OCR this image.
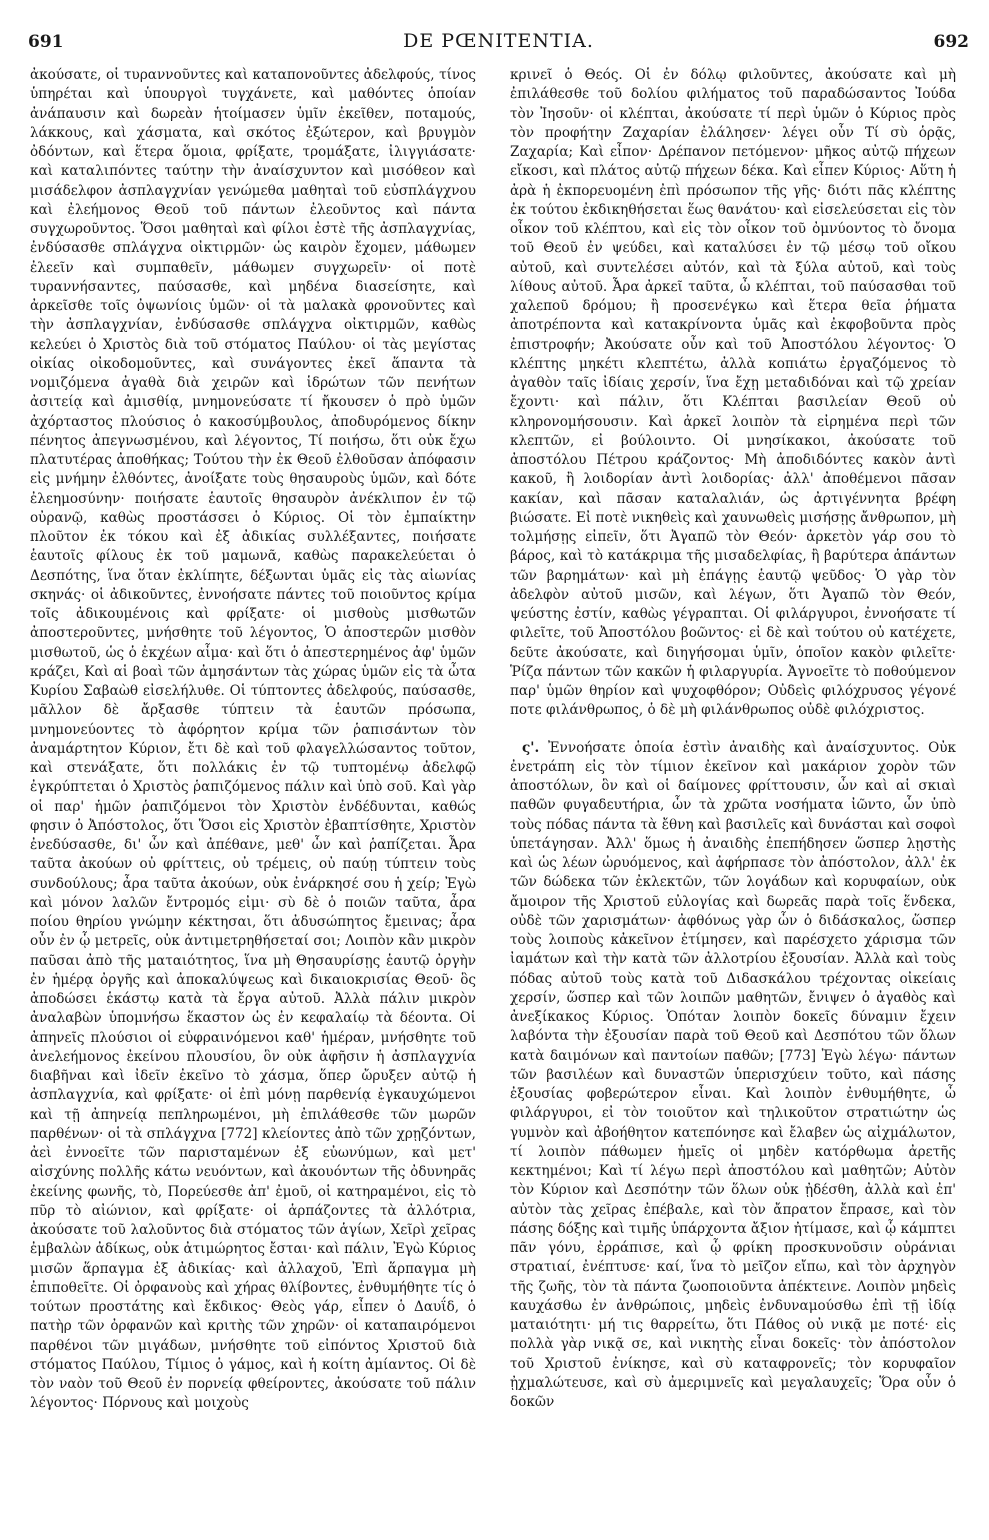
691	DE PŒNITENTIA.	692

ἀκούσατε, οἱ τυραννοῦντες καὶ καταπονοῦντες ἀδελφούς, τίνος ὑπηρέται καὶ ὑπουργοὶ τυγχάνετε, καὶ μαθόντες ὁποίαν ἀνάπαυσιν καὶ δωρεὰν ἡτοίμασεν ὑμῖν ἐκεῖθεν, ποταμούς, λάκκους, καὶ χάσματα, καὶ σκότος ἐξώτερον, καὶ βρυγμὸν ὀδόντων, καὶ ἕτερα ὅμοια, φρίξατε, τρομάξατε, ἰλιγγιάσατε· καὶ καταλιπόντες ταύτην τὴν ἀναίσχυντον καὶ μισόθεον καὶ μισάδελφον ἀσπλαγχνίαν γενώμεθα μαθηταὶ τοῦ εὐσπλάγχνου καὶ ἐλεήμονος Θεοῦ τοῦ πάντων ἐλεοῦντος καὶ πάντα συγχωροῦντος. Ὅσοι μαθηταὶ καὶ φίλοι ἐστὲ τῆς ἀσπλαγχνίας, ἐνδύσασθε σπλάγχνα οἰκτιρμῶν· ὡς καιρὸν ἔχομεν, μάθωμεν ἐλεεῖν καὶ συμπαθεῖν, μάθωμεν συγχωρεῖν· οἱ ποτὲ τυραννήσαντες, παύσασθε, καὶ μηδένα διασείσητε, καὶ ἀρκεῖσθε τοῖς ὀψωνίοις ὑμῶν· οἱ τὰ μαλακὰ φρονοῦντες καὶ τὴν ἀσπλαγχνίαν, ἐνδύσασθε σπλάγχνα οἰκτιρμῶν, καθὼς κελεύει ὁ Χριστὸς διὰ τοῦ στόματος Παύλου· οἱ τὰς μεγίστας οἰκίας οἰκοδομοῦντες, καὶ συνάγοντες ἐκεῖ ἅπαντα τὰ νομιζόμενα ἀγαθὰ διὰ χειρῶν καὶ ἱδρώτων τῶν πενήτων ἀσιτείᾳ καὶ ἀμισθίᾳ, μνημονεύσατε τί ἤκουσεν ὁ πρὸ ὑμῶν ἀχόρταστος πλούσιος ὁ κακοσύμβουλος, ἀποδυρόμενος δίκην πένητος ἀπεγνωσμένου, καὶ λέγοντος, Τί ποιήσω, ὅτι οὐκ ἔχω πλατυτέρας ἀποθήκας; Τούτου τὴν ἐκ Θεοῦ ἐλθοῦσαν ἀπόφασιν εἰς μνήμην ἐλθόντες, ἀνοίξατε τοὺς θησαυροὺς ὑμῶν, καὶ δότε ἐλεημοσύνην· ποιήσατε ἑαυτοῖς θησαυρὸν ἀνέκλιπον ἐν τῷ οὐρανῷ, καθὼς προστάσσει ὁ Κύριος. Οἱ τὸν ἐμπαίκτην πλοῦτον ἐκ τόκου καὶ ἐξ ἀδικίας συλλέξαντες, ποιήσατε ἑαυτοῖς φίλους ἐκ τοῦ μαμωνᾶ, καθὼς παρακελεύεται ὁ Δεσπότης, ἵνα ὅταν ἐκλίπητε, δέξωνται ὑμᾶς εἰς τὰς αἰωνίας σκηνάς· οἱ ἀδικοῦντες, ἐννοήσατε πάντες τοῦ ποιοῦντος κρίμα τοῖς ἀδικουμένοις καὶ φρίξατε· οἱ μισθοὺς μισθωτῶν ἀποστεροῦντες, μνήσθητε τοῦ λέγοντος, Ὁ ἀποστερῶν μισθὸν μισθωτοῦ, ὡς ὁ ἐκχέων αἷμα· καὶ ὅτι ὁ ἀπεστερημένος ἀφ' ὑμῶν κράζει, Καὶ αἱ βοαὶ τῶν ἀμησάντων τὰς χώρας ὑμῶν εἰς τὰ ὦτα Κυρίου Σαβαὼθ εἰσελήλυθε. Οἱ τύπτοντες ἀδελφούς, παύσασθε, μᾶλλον δὲ ἄρξασθε τύπτειν τὰ ἑαυτῶν πρόσωπα, μνημονεύοντες τὸ ἀφόρητον κρίμα τῶν ῥαπισάντων τὸν ἀναμάρτητον Κύριον, ἔτι δὲ καὶ τοῦ φλαγελλώσαντος τοῦτον, καὶ στενάξατε, ὅτι πολλάκις ἐν τῷ τυπτομένῳ ἀδελφῷ ἐγκρύπτεται ὁ Χριστὸς ῥαπιζόμενος πάλιν καὶ ὑπὸ σοῦ. Καὶ γὰρ οἱ παρ' ἡμῶν ῥαπιζόμενοι τὸν Χριστὸν ἐνδέδυνται, καθώς φησιν ὁ Ἀπόστολος, ὅτι Ὅσοι εἰς Χριστὸν ἐβαπτίσθητε, Χριστὸν ἐνεδύσασθε, δι' ὧν καὶ ἀπέθανε, μεθ' ὧν καὶ ῥαπίζεται. Ἆρα ταῦτα ἀκούων οὐ φρίττεις, οὐ τρέμεις, οὐ παύῃ τύπτειν τοὺς συνδούλους; ἆρα ταῦτα ἀκούων, οὐκ ἐνάρκησέ σου ἡ χείρ; Ἐγὼ καὶ μόνον λαλῶν ἔντρομός εἰμι· σὺ δὲ ὁ ποιῶν ταῦτα, ἆρα ποίου θηρίου γνώμην κέκτησαι, ὅτι ἀδυσώπητος ἔμεινας; ἆρα οὖν ἐν ᾧ μετρεῖς, οὐκ ἀντιμετρηθήσεταί σοι; Λοιπὸν κἂν μικρὸν παῦσαι ἀπὸ τῆς ματαιότητος, ἵνα μὴ Θησαυρίσῃς ἑαυτῷ ὀργὴν ἐν ἡμέρᾳ ὀργῆς καὶ ἀποκαλύψεως καὶ δικαιοκρισίας Θεοῦ· ὃς ἀποδώσει ἑκάστῳ κατὰ τὰ ἔργα αὐτοῦ. Ἀλλὰ πάλιν μικρὸν ἀναλαβὼν ὑπομνήσω ἕκαστον ὡς ἐν κεφαλαίῳ τὰ δέοντα. Οἱ ἀπηνεῖς πλούσιοι οἱ εὐφραινόμενοι καθ' ἡμέραν, μνήσθητε τοῦ ἀνελεήμονος ἐκείνου πλουσίου, ὃν οὐκ ἀφῆσιν ἡ ἀσπλαγχνία διαβῆναι καὶ ἰδεῖν ἐκεῖνο τὸ χάσμα, ὅπερ ὤρυξεν αὐτῷ ἡ ἀσπλαγχνία, καὶ φρίξατε· οἱ ἐπὶ μόνῃ παρθενίᾳ ἐγκαυχώμενοι καὶ τῇ ἀπηνείᾳ πεπληρωμένοι, μὴ ἐπιλάθεσθε τῶν μωρῶν παρθένων· οἱ τὰ σπλάγχνα [772] κλείοντες ἀπὸ τῶν χρῃζόντων, ἀεὶ ἐννοεῖτε τῶν παρισταμένων ἐξ εὐωνύμων, καὶ μετ' αἰσχύνης πολλῆς κάτω νευόντων, καὶ ἀκουόντων τῆς ὀδυνηρᾶς ἐκείνης φωνῆς, τὸ, Πορεύεσθε ἀπ' ἐμοῦ, οἱ κατηραμένοι, εἰς τὸ πῦρ τὸ αἰώνιον, καὶ φρίξατε· οἱ ἁρπάζοντες τὰ ἀλλότρια, ἀκούσατε τοῦ λαλοῦντος διὰ στόματος τῶν ἁγίων, Χεῖρὶ χεῖρας ἐμβαλὼν ἀδίκως, οὐκ ἀτιμώρητος ἔσται· καὶ πάλιν, Ἐγὼ Κύριος μισῶν ἅρπαγμα ἐξ ἀδικίας· καὶ ἀλλαχοῦ, Ἐπὶ ἅρπαγμα μὴ ἐπιποθεῖτε. Οἱ ὀρφανοὺς καὶ χήρας θλίβοντες, ἐνθυμήθητε τίς ὁ τούτων προστάτης καὶ ἔκδικος· Θεὸς γάρ, εἶπεν ὁ Δαυΐδ, ὁ πατὴρ τῶν ὀρφανῶν καὶ κριτὴς τῶν χηρῶν· οἱ καταπαιρόμενοι παρθένοι τῶν μιγάδων, μνήσθητε τοῦ εἰπόντος Χριστοῦ διὰ στόματος Παύλου, Τίμιος ὁ γάμος, καὶ ἡ κοίτη ἀμίαντος. Οἱ δὲ τὸν ναὸν τοῦ Θεοῦ ἐν πορνείᾳ φθείροντες, ἀκούσατε τοῦ πάλιν λέγοντος· Πόρνους καὶ μοιχοὺς

κρινεῖ ὁ Θεός. Οἱ ἐν δόλῳ φιλοῦντες, ἀκούσατε καὶ μὴ ἐπιλάθεσθε τοῦ δολίου φιλήματος τοῦ παραδώσαντος Ἰούδα τὸν Ἰησοῦν· οἱ κλέπται, ἀκούσατε τί περὶ ὑμῶν ὁ Κύριος πρὸς τὸν προφήτην Ζαχαρίαν ἐλάλησεν· λέγει οὖν Τί σὺ ὁρᾷς, Ζαχαρία; Καὶ εἶπον· Δρέπανον πετόμενον· μῆκος αὐτῷ πήχεων εἴκοσι, καὶ πλάτος αὐτῷ πήχεων δέκα. Καὶ εἶπεν Κύριος· Αὕτη ἡ ἀρὰ ἡ ἐκπορευομένη ἐπὶ πρόσωπον τῆς γῆς· διότι πᾶς κλέπτης ἐκ τούτου ἐκδικηθήσεται ἕως θανάτου· καὶ εἰσελεύσεται εἰς τὸν οἶκον τοῦ κλέπτου, καὶ εἰς τὸν οἶκον τοῦ ὀμνύοντος τὸ ὄνομα τοῦ Θεοῦ ἐν ψεύδει, καὶ καταλύσει ἐν τῷ μέσῳ τοῦ οἴκου αὐτοῦ, καὶ συντελέσει αὐτόν, καὶ τὰ ξύλα αὐτοῦ, καὶ τοὺς λίθους αὐτοῦ. Ἆρα ἀρκεῖ ταῦτα, ὦ κλέπται, τοῦ παύσασθαι τοῦ χαλεποῦ δρόμου; ἢ προσενέγκω καὶ ἕτερα θεῖα ῥήματα ἀποτρέποντα καὶ κατακρίνοντα ὑμᾶς καὶ ἐκφοβοῦντα πρὸς ἐπιστροφήν; Ἀκούσατε οὖν καὶ τοῦ Ἀποστόλου λέγοντος· Ὁ κλέπτης μηκέτι κλεπτέτω, ἀλλὰ κοπιάτω ἐργαζόμενος τὸ ἀγαθὸν ταῖς ἰδίαις χερσίν, ἵνα ἔχῃ μεταδιδόναι καὶ τῷ χρείαν ἔχοντι· καὶ πάλιν, ὅτι Κλέπται βασιλείαν Θεοῦ οὐ κληρονομήσουσιν. Καὶ ἀρκεῖ λοιπὸν τὰ εἰρημένα περὶ τῶν κλεπτῶν, εἰ βούλοιντο. Οἱ μνησίκακοι, ἀκούσατε τοῦ ἀποστόλου Πέτρου κράζοντος· Μὴ ἀποδιδόντες κακὸν ἀντὶ κακοῦ, ἢ λοιδορίαν ἀντὶ λοιδορίας· ἀλλ' ἀποθέμενοι πᾶσαν κακίαν, καὶ πᾶσαν καταλαλιάν, ὡς ἀρτιγέννητα βρέφη βιώσατε. Εἰ ποτὲ νικηθεὶς καὶ χαυνωθεὶς μισήσῃς ἄνθρωπον, μὴ τολμήσῃς εἰπεῖν, ὅτι Ἀγαπῶ τὸν Θεόν· ἀρκετὸν γάρ σου τὸ βάρος, καὶ τὸ κατάκριμα τῆς μισαδελφίας, ἢ βαρύτερα ἁπάντων τῶν βαρημάτων· καὶ μὴ ἐπάγῃς ἑαυτῷ ψεῦδος· Ὁ γὰρ τὸν ἀδελφὸν αὐτοῦ μισῶν, καὶ λέγων, ὅτι Ἀγαπῶ τὸν Θεόν, ψεύστης ἐστίν, καθὼς γέγραπται. Οἱ φιλάργυροι, ἐννοήσατε τί φιλεῖτε, τοῦ Ἀποστόλου βοῶντος· εἰ δὲ καὶ τούτου οὐ κατέχετε, δεῦτε ἀκούσατε, καὶ διηγήσομαι ὑμῖν, ὁποῖον κακὸν φιλεῖτε· Ῥίζα πάντων τῶν κακῶν ἡ φιλαργυρία. Ἀγνοεῖτε τὸ ποθούμενον παρ' ὑμῶν θηρίον καὶ ψυχοφθόρον; Οὐδεὶς φιλόχρυσος γέγονέ ποτε φιλάνθρωπος, ὁ δὲ μὴ φιλάνθρωπος οὐδὲ φιλόχριστος.

ς'. Ἐννοήσατε ὁποία ἐστὶν ἀναιδὴς καὶ ἀναίσχυντος. Οὐκ ἐνετράπη εἰς τὸν τίμιον ἐκεῖνον καὶ μακάριον χορὸν τῶν ἀποστόλων, ὃν καὶ οἱ δαίμονες φρίττουσιν, ὧν καὶ αἱ σκιαὶ παθῶν φυγαδευτήρια, ὧν τὰ χρῶτα νοσήματα ἰῶντο, ὧν ὑπὸ τοὺς πόδας πάντα τὰ ἔθνη καὶ βασιλεῖς καὶ δυνάσται καὶ σοφοὶ ὑπετάγησαν. Ἀλλ' ὅμως ἡ ἀναιδὴς ἐπεπήδησεν ὥσπερ λῃστὴς καὶ ὡς λέων ὠρυόμενος, καὶ ἀφήρπασε τὸν ἀπόστολον, ἀλλ' ἐκ τῶν δώδεκα τῶν ἐκλεκτῶν, τῶν λογάδων καὶ κορυφαίων, οὐκ ἄμοιρον τῆς Χριστοῦ εὐλογίας καὶ δωρεᾶς παρὰ τοῖς ἕνδεκα, οὐδὲ τῶν χαρισμάτων· ἀφθόνως γὰρ ὧν ὁ διδάσκαλος, ὥσπερ τοὺς λοιποὺς κἀκεῖνον ἐτίμησεν, καὶ παρέσχετο χάρισμα τῶν ἰαμάτων καὶ τὴν κατὰ τῶν ἀλλοτρίου ἐξουσίαν. Ἀλλὰ καὶ τοὺς πόδας αὐτοῦ τοὺς κατὰ τοῦ Διδασκάλου τρέχοντας οἰκείαις χερσίν, ὥσπερ καὶ τῶν λοιπῶν μαθητῶν, ἔνιψεν ὁ ἀγαθὸς καὶ ἀνεξίκακος Κύριος. Ὁπόταν λοιπὸν δοκεῖς δύναμιν ἔχειν λαβόντα τὴν ἐξουσίαν παρὰ τοῦ Θεοῦ καὶ Δεσπότου τῶν ὅλων κατὰ δαιμόνων καὶ παντοίων παθῶν; [773] Ἐγὼ λέγω· πάντων τῶν βασιλέων καὶ δυναστῶν ὑπερισχύειν τοῦτο, καὶ πάσης ἐξουσίας φοβερώτερον εἶναι. Καὶ λοιπὸν ἐνθυμήθητε, ὦ φιλάργυροι, εἰ τὸν τοιοῦτον καὶ τηλικοῦτον στρατιώτην ὡς γυμνὸν καὶ ἀβοήθητον κατεπόνησε καὶ ἔλαβεν ὡς αἰχμάλωτον, τί λοιπὸν πάθωμεν ἡμεῖς οἱ μηδὲν κατόρθωμα ἀρετῆς κεκτημένοι; Καὶ τί λέγω περὶ ἀποστόλου καὶ μαθητῶν; Αὐτὸν τὸν Κύριον καὶ Δεσπότην τῶν ὅλων οὐκ ᾐδέσθη, ἀλλὰ καὶ ἐπ' αὐτὸν τὰς χεῖρας ἐπέβαλε, καὶ τὸν ἄπρατον ἔπρασε, καὶ τὸν πάσης δόξης καὶ τιμῆς ὑπάρχοντα ἄξιον ἠτίμασε, καὶ ᾧ κάμπτει πᾶν γόνυ, ἐρράπισε, καὶ ᾧ φρίκη προσκυνοῦσιν οὐράνιαι στρατιαί, ἐνέπτυσε· καί, ἵνα τὸ μεῖζον εἴπω, καὶ τὸν ἀρχηγὸν τῆς ζωῆς, τὸν τὰ πάντα ζωοποιοῦντα ἀπέκτεινε. Λοιπὸν μηδεὶς καυχάσθω ἐν ἀνθρώποις, μηδεὶς ἐνδυναμούσθω ἐπὶ τῇ ἰδίᾳ ματαιότητι· μή τις θαρρείτω, ὅτι Πάθος οὐ νικᾷ με ποτέ· εἰς πολλὰ γὰρ νικᾷ σε, καὶ νικητὴς εἶναι δοκεῖς· τὸν ἀπόστολον τοῦ Χριστοῦ ἐνίκησε, καὶ σὺ καταφρονεῖς; τὸν κορυφαῖον ᾐχμαλώτευσε, καὶ σὺ ἀμεριμνεῖς καὶ μεγαλαυχεῖς; Ὅρα οὖν ὁ δοκῶν
